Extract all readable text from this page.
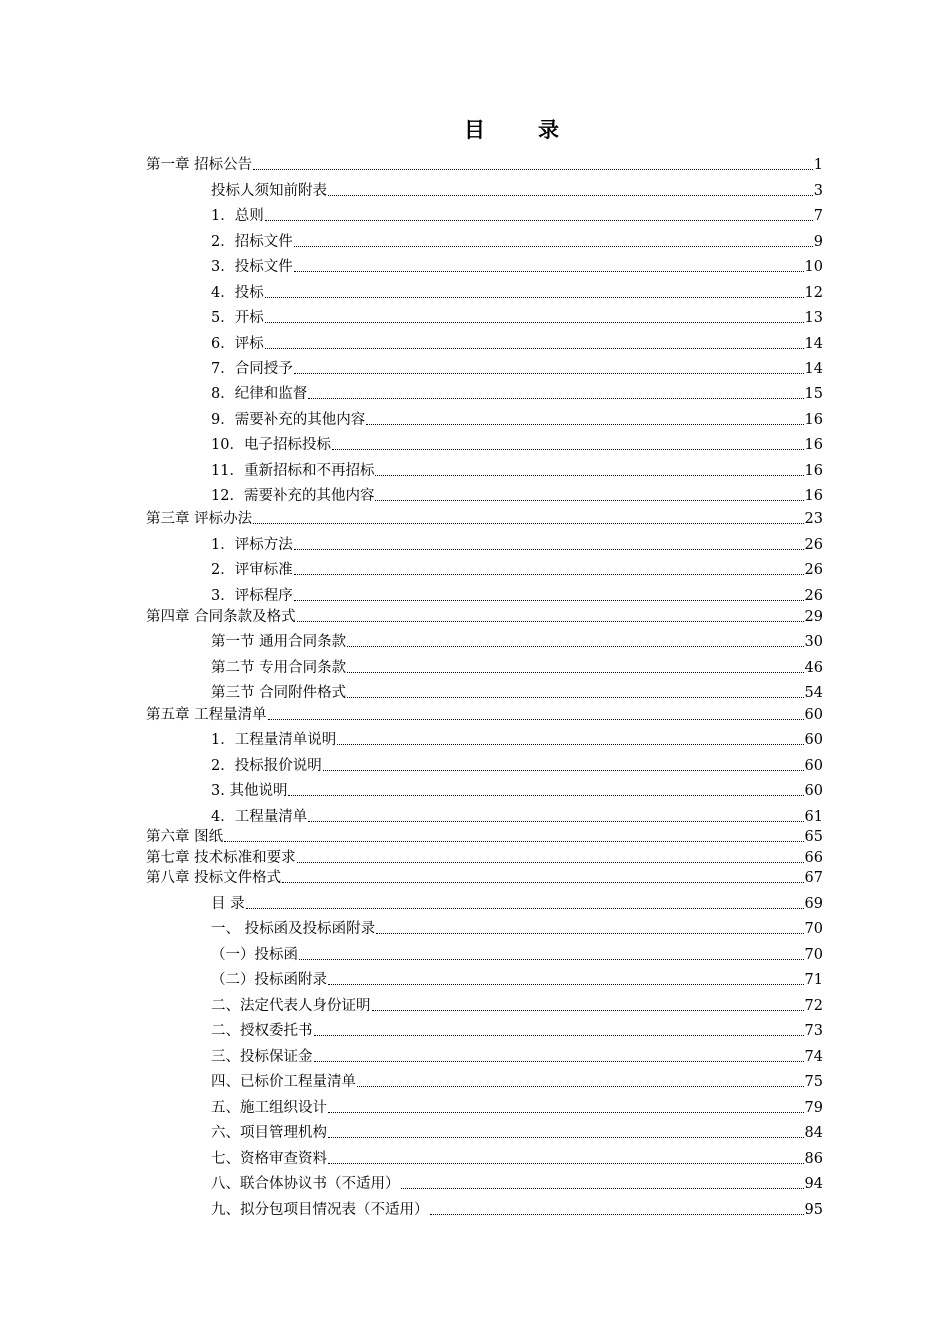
目 录
第一章 招标公告	1
投标人须知前附表	3
1．总则	7
2．招标文件	9
3．投标文件	10
4．投标	12
5．开标	13
6．评标	14
7．合同授予	14
8．纪律和监督	15
9．需要补充的其他内容	16
10．电子招标投标	16
11．重新招标和不再招标	16
12．需要补充的其他内容	16
第三章 评标办法	23
1．评标方法	26
2．评审标准	26
3．评标程序	26
第四章 合同条款及格式	29
第一节 通用合同条款	30
第二节 专用合同条款	46
第三节 合同附件格式	54
第五章 工程量清单	60
1．工程量清单说明	60
2．投标报价说明	60
3. 其他说明	60
4．工程量清单	61
第六章 图纸	65
第七章 技术标准和要求	66
第八章 投标文件格式	67
目 录	69
一、 投标函及投标函附录	70
（一）投标函	70
（二）投标函附录	71
二、法定代表人身份证明	72
二、授权委托书	73
三、投标保证金	74
四、已标价工程量清单	75
五、施工组织设计	79
六、项目管理机构	84
七、资格审查资料	86
八、联合体协议书（不适用）	94
九、拟分包项目情况表（不适用）	95
